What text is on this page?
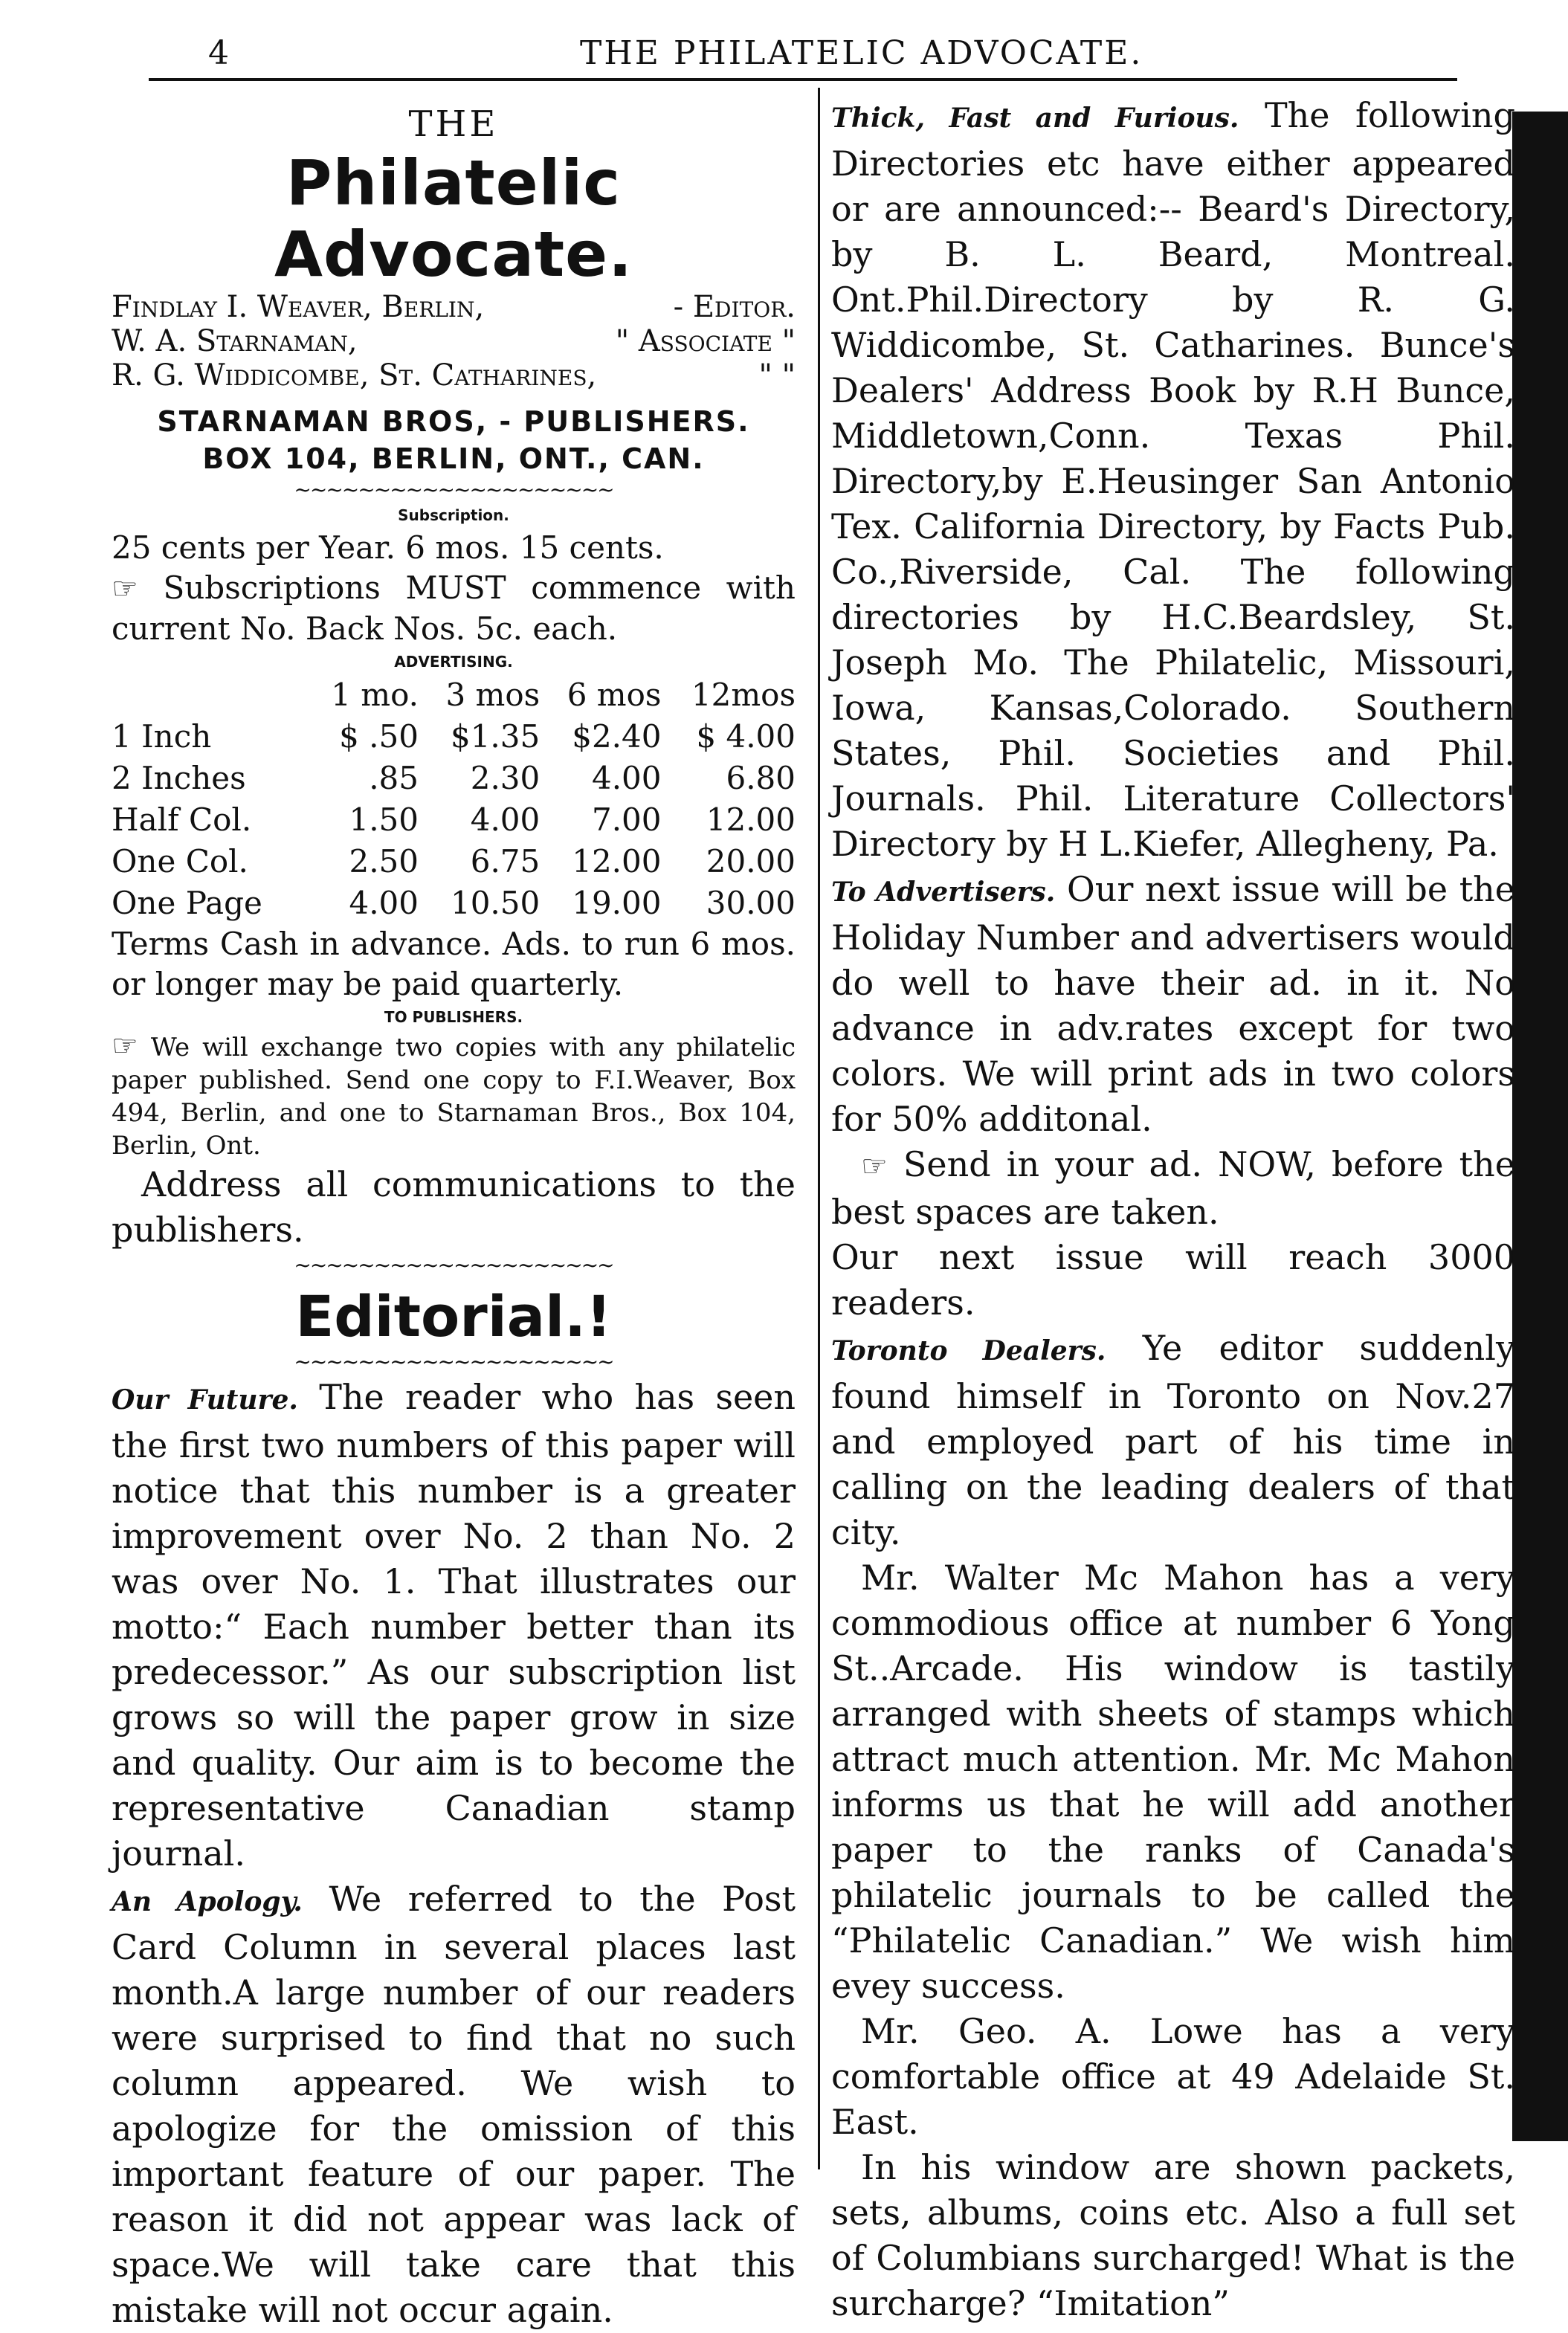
4	THE PHILATELIC ADVOCATE.
THE
Philatelic Advocate.
Findlay I. Weaver, Berlin,	- Editor.
W. A. Starnaman,	" Associate "
R. G. Widdicombe, St. Catharines,	" "
STARNAMAN BROS, - PUBLISHERS.
BOX 104, BERLIN, ONT., CAN.
~~~~~~~~~~~~~~~~~~~~
Subscription.
25 cents per Year. 6 mos. 15 cents.

☞ Subscriptions MUST commence with current No. Back Nos. 5c. each.

ADVERTISING.
	1 mo.	3 mos	6 mos	12mos
1 Inch	$ .50	$1.35	$2.40	$ 4.00
2 Inches	.85	2.30	4.00	6.80
Half Col.	1.50	4.00	7.00	12.00
One Col.	2.50	6.75	12.00	20.00
One Page	4.00	10.50	19.00	30.00

Terms Cash in advance. Ads. to run 6 mos. or longer may be paid quarterly.

TO PUBLISHERS.

☞ We will exchange two copies with any philatelic paper published. Send one copy to F.I.Weaver, Box 494, Berlin, and one to Starnaman Bros., Box 104, Berlin, Ont.

Address all communications to the publishers.

~~~~~~~~~~~~~~~~~~~~
Editorial.!
~~~~~~~~~~~~~~~~~~~~

Our Future. The reader who has seen the first two numbers of this paper will notice that this number is a greater improvement over No. 2 than No. 2 was over No. 1. That illustrates our motto:“ Each number better than its predecessor.” As our subscription list grows so will the paper grow in size and quality. Our aim is to become the representative Canadian stamp journal.

An Apology. We referred to the Post Card Column in several places last month.A large number of our readers were surprised to find that no such column appeared. We wish to apologize for the omission of this important feature of our paper. The reason it did not appear was lack of space.We will take care that this mistake will not occur again.

Thick, Fast and Furious. The following Directories etc have either appeared or are announced:-- Beard's Directory, by B. L. Beard, Montreal. Ont.Phil.Directory by R. G. Widdicombe, St. Catharines. Bunce's Dealers' Address Book by R.H Bunce, Middletown,Conn. Texas Phil. Directory,by E.Heusinger San Antonio Tex. California Directory, by Facts Pub. Co.,Riverside, Cal. The following directories by H.C.Beardsley, St. Joseph Mo. The Philatelic, Missouri, Iowa, Kansas,Colorado. Southern States, Phil. Societies and Phil. Journals. Phil. Literature Collectors' Directory by H L.Kiefer, Allegheny, Pa.

To Advertisers. Our next issue will be the Holiday Number and advertisers would do well to have their ad. in it. No advance in adv.rates except for two colors. We will print ads in two colors for 50% additonal.

☞ Send in your ad. NOW, before the best spaces are taken.

Our next issue will reach 3000 readers.

Toronto Dealers. Ye editor suddenly found himself in Toronto on Nov.27 and employed part of his time in calling on the leading dealers of that city.

Mr. Walter Mc Mahon has a very commodious office at number 6 Yong St..Arcade. His window is tastily arranged with sheets of stamps which attract much attention. Mr. Mc Mahon informs us that he will add another paper to the ranks of Canada's philatelic journals to be called the “Philatelic Canadian.” We wish him evey success.

Mr. Geo. A. Lowe has a very comfortable office at 49 Adelaide St. East.

In his window are shown packets, sets, albums, coins etc. Also a full set of Columbians surcharged! What is the surcharge? “Imitation”
